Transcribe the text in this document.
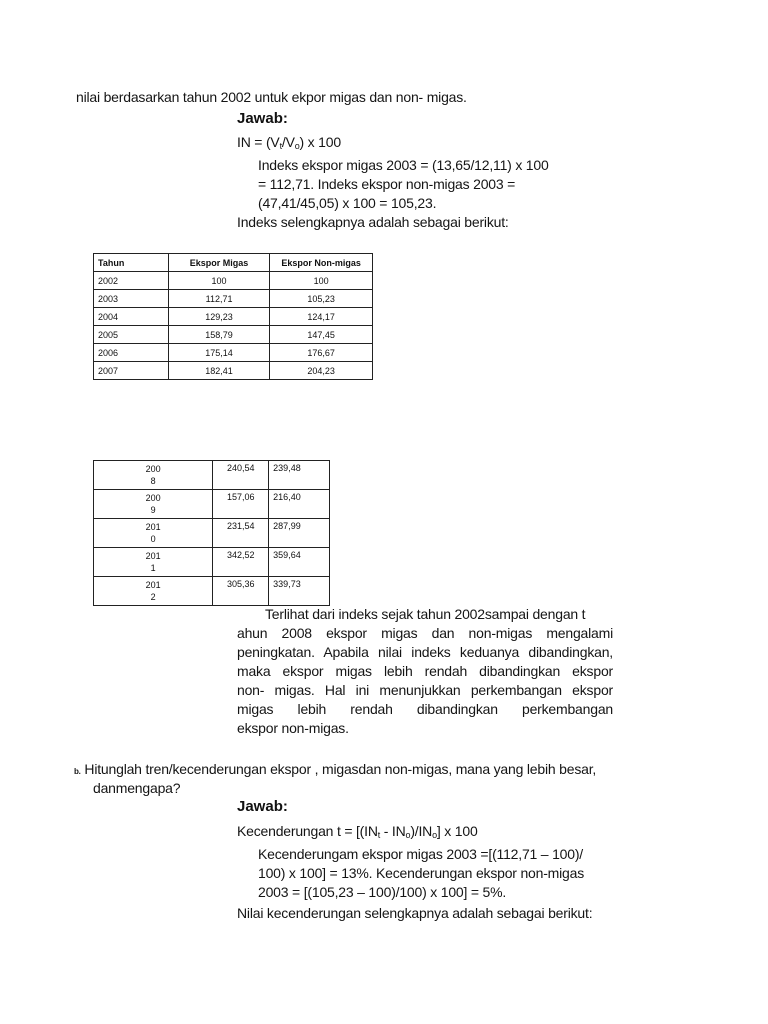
nilai berdasarkan tahun 2002 untuk ekpor migas dan non- migas.
Jawab:
IN = $(V_t/V_o)$ x 100
Indeks ekspor migas 2003 = (13,65/12,11) x 100
= 112,71. Indeks ekspor non-migas 2003 =
(47,41/45,05) x 100 = 105,23.
Indeks selengkapnya adalah sebagai berikut:
Tahun	Ekspor Migas	Ekspor Non-migas
2002	100	100
2003	112,71	105,23
2004	129,23	124,17
2005	158,79	147,45
2006	175,14	176,67
2007	182,41	204,23
200
8	240,54	239,48
200
9	157,06	216,40
201
0	231,54	287,99
201
1	342,52	359,64
201
2	305,36	339,73
Terlihat dari indeks sejak tahun 2002sampai dengan t
ahun 2008 ekspor migas dan non-migas mengalami
peningkatan. Apabila nilai indeks keduanya dibandingkan,
maka ekspor migas lebih rendah dibandingkan ekspor
non- migas. Hal ini menunjukkan perkembangan ekspor
migas lebih rendah dibandingkan perkembangan
ekspor non-migas.
b. Hitunglah tren/kecenderungan ekspor , migasdan non-migas, mana yang lebih besar,
danmengapa?
Jawab:
Kecenderungan $t = [(IN_t - IN_o)/IN_o]$ x 100
Kecenderungam ekspor migas 2003 =[(112,71 – 100)/
100) x 100] = 13%. Kecenderungan ekspor non-migas
2003 = [(105,23 – 100)/100) x 100] = 5%.
Nilai kecenderungan selengkapnya adalah sebagai berikut:
